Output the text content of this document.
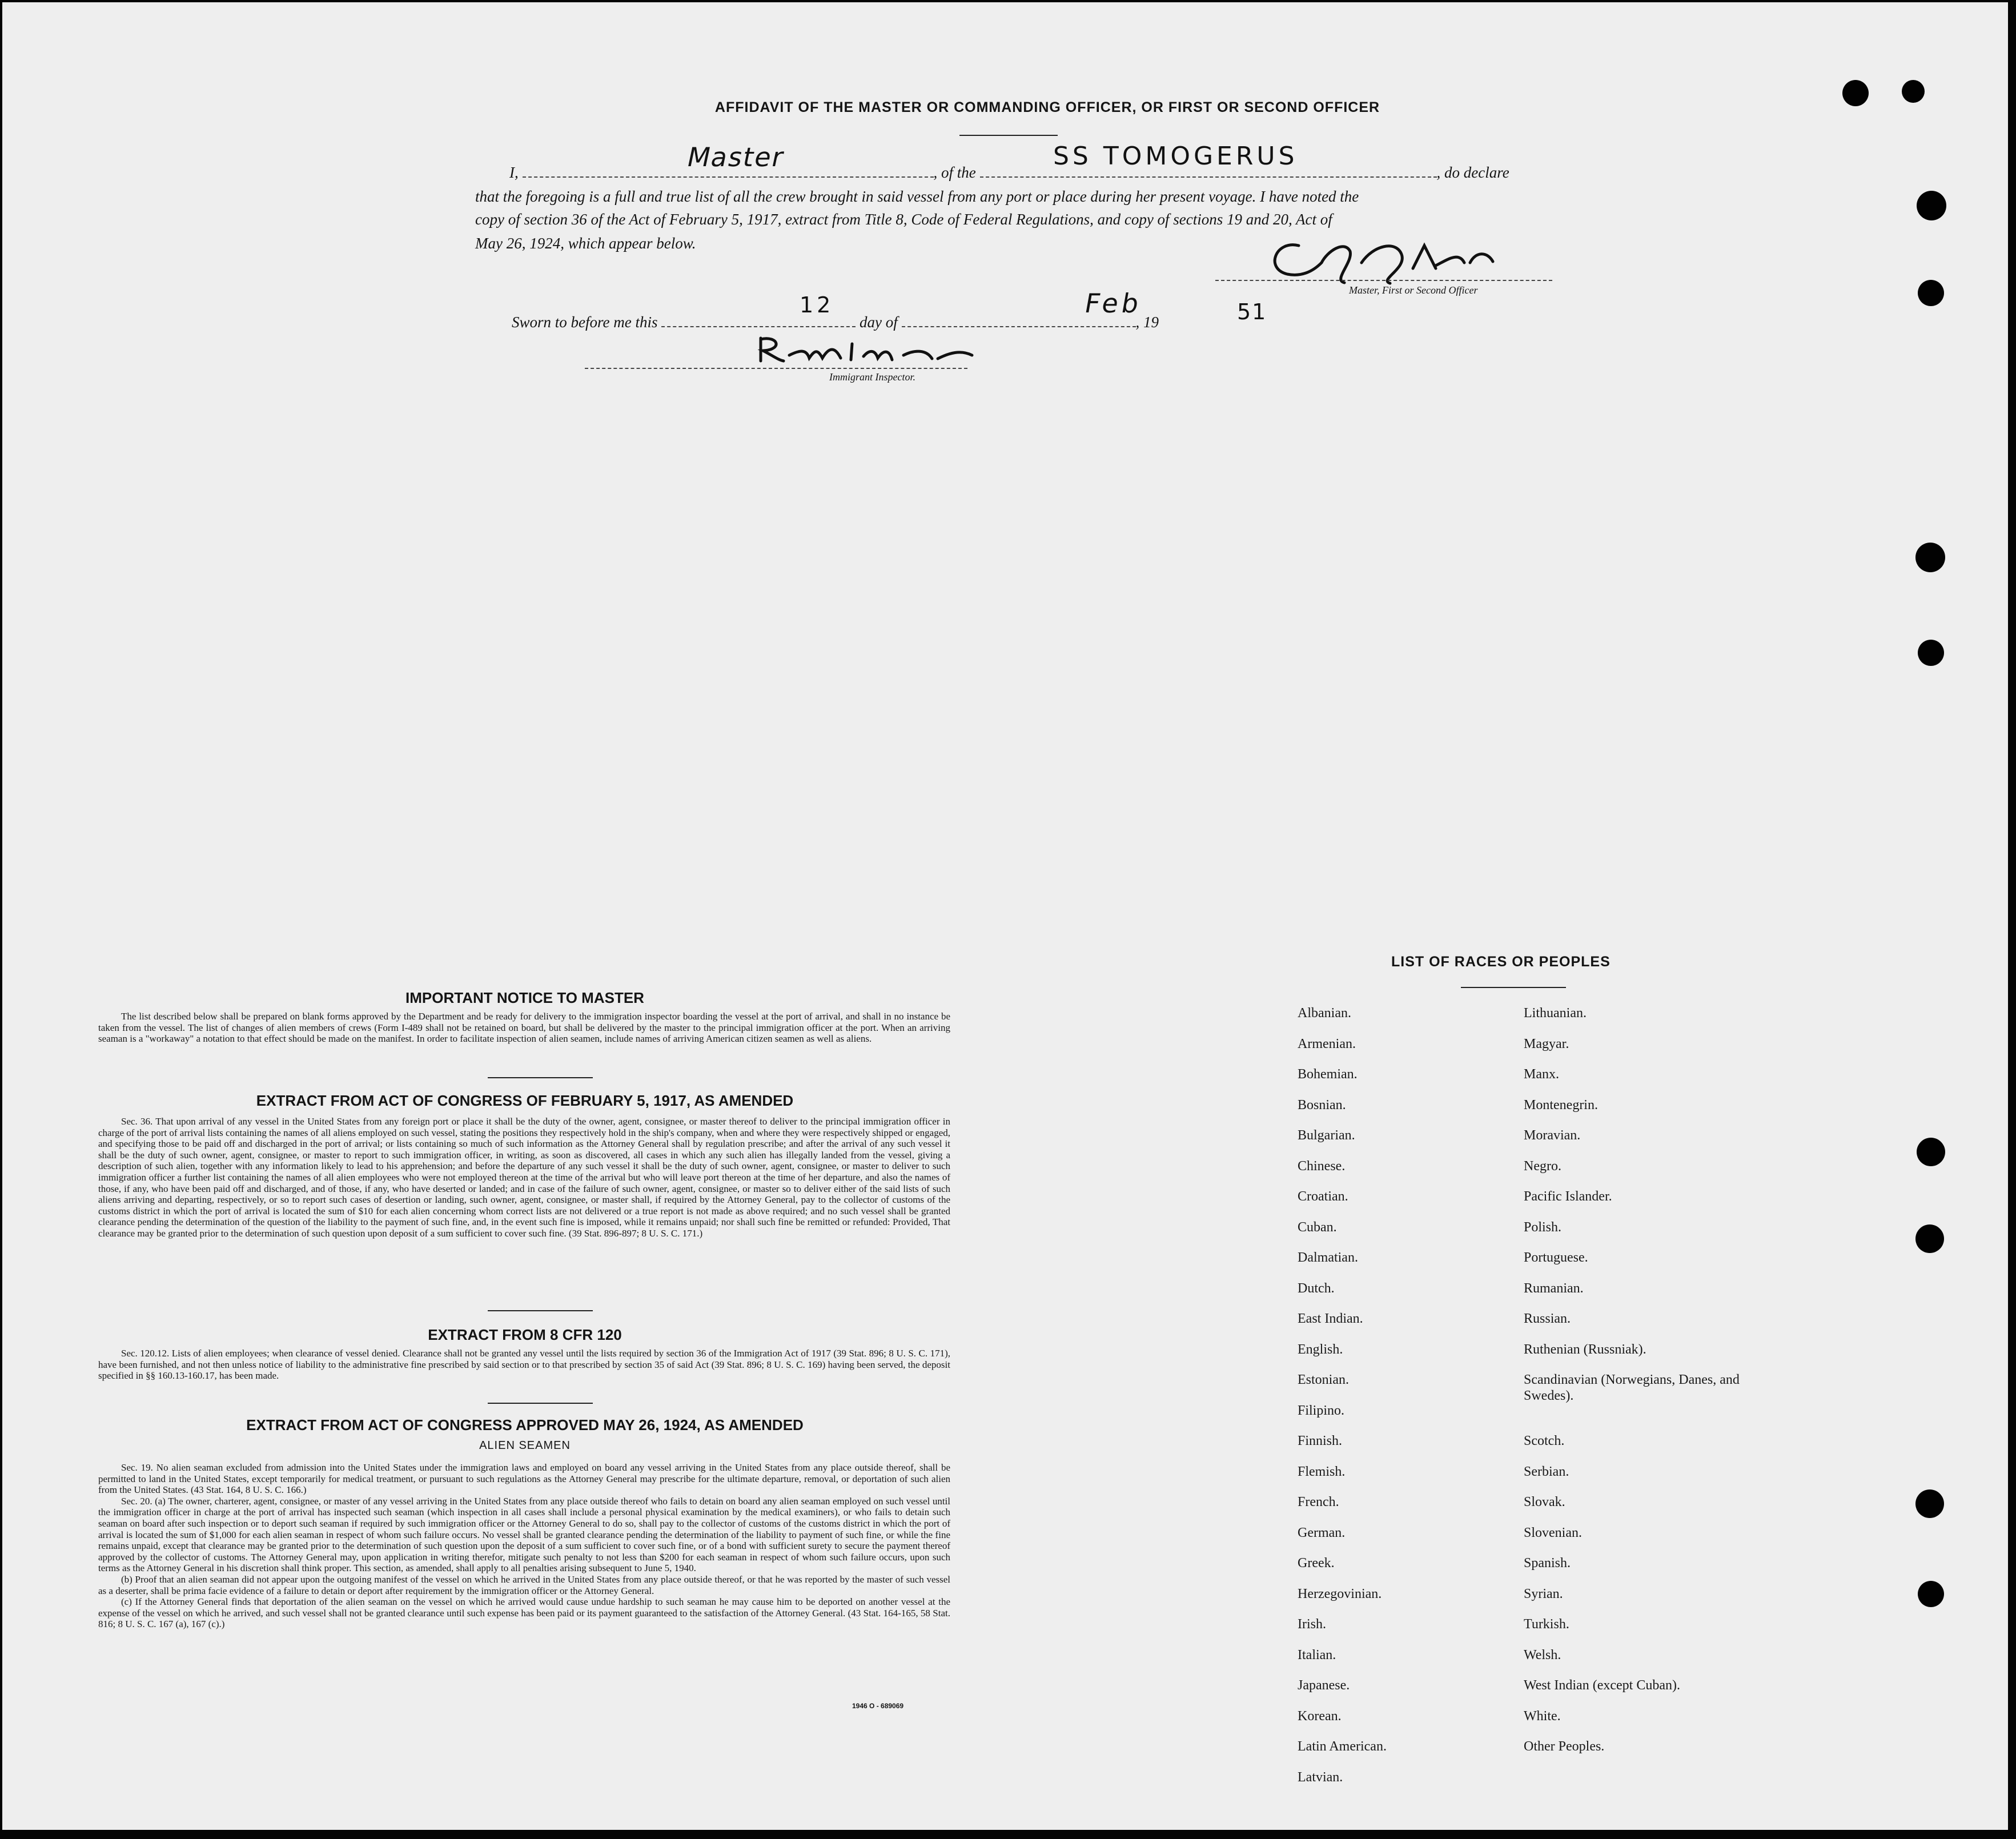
AFFIDAVIT OF THE MASTER OR COMMANDING OFFICER, OR FIRST OR SECOND OFFICER
I,	, of the	, do declare
Master	SS TOMOGERUS
that the foregoing is a full and true list of all the crew brought in said vessel from any port or place during her present voyage. I have noted the
copy of section 36 of the Act of February 5, 1917, extract from Title 8, Code of Federal Regulations, and copy of sections 19 and 20, Act of
May 26, 1924, which appear below.
Master, First or Second Officer
Sworn to before me this	day of	, 19
12	Feb	51
Immigrant Inspector.
IMPORTANT NOTICE TO MASTER

The list described below shall be prepared on blank forms approved by the Department and be ready for delivery to the immigration inspector boarding the vessel at the port of arrival, and shall in no instance be taken from the vessel. The list of changes of alien members of crews (Form I-489 shall not be retained on board, but shall be delivered by the master to the principal immigration officer at the port. When an arriving seaman is a "workaway" a notation to that effect should be made on the manifest. In order to facilitate inspection of alien seamen, include names of arriving American citizen seamen as well as aliens.

EXTRACT FROM ACT OF CONGRESS OF FEBRUARY 5, 1917, AS AMENDED

Sec. 36. That upon arrival of any vessel in the United States from any foreign port or place it shall be the duty of the owner, agent, consignee, or master thereof to deliver to the principal immigration officer in charge of the port of arrival lists containing the names of all aliens employed on such vessel, stating the positions they respectively hold in the ship's company, when and where they were respectively shipped or engaged, and specifying those to be paid off and discharged in the port of arrival; or lists containing so much of such information as the Attorney General shall by regulation prescribe; and after the arrival of any such vessel it shall be the duty of such owner, agent, consignee, or master to report to such immigration officer, in writing, as soon as discovered, all cases in which any such alien has illegally landed from the vessel, giving a description of such alien, together with any information likely to lead to his apprehension; and before the departure of any such vessel it shall be the duty of such owner, agent, consignee, or master to deliver to such immigration officer a further list containing the names of all alien employees who were not employed thereon at the time of the arrival but who will leave port thereon at the time of her departure, and also the names of those, if any, who have been paid off and discharged, and of those, if any, who have deserted or landed; and in case of the failure of such owner, agent, consignee, or master so to deliver either of the said lists of such aliens arriving and departing, respectively, or so to report such cases of desertion or landing, such owner, agent, consignee, or master shall, if required by the Attorney General, pay to the collector of customs of the customs district in which the port of arrival is located the sum of $10 for each alien concerning whom correct lists are not delivered or a true report is not made as above required; and no such vessel shall be granted clearance pending the determination of the question of the liability to the payment of such fine, and, in the event such fine is imposed, while it remains unpaid; nor shall such fine be remitted or refunded: Provided, That clearance may be granted prior to the determination of such question upon deposit of a sum sufficient to cover such fine. (39 Stat. 896-897; 8 U. S. C. 171.)

EXTRACT FROM 8 CFR 120

Sec. 120.12. Lists of alien employees; when clearance of vessel denied. Clearance shall not be granted any vessel until the lists required by section 36 of the Immigration Act of 1917 (39 Stat. 896; 8 U. S. C. 171), have been furnished, and not then unless notice of liability to the administrative fine prescribed by said section or to that prescribed by section 35 of said Act (39 Stat. 896; 8 U. S. C. 169) having been served, the deposit specified in §§ 160.13-160.17, has been made.

EXTRACT FROM ACT OF CONGRESS APPROVED MAY 26, 1924, AS AMENDED
ALIEN SEAMEN

Sec. 19. No alien seaman excluded from admission into the United States under the immigration laws and employed on board any vessel arriving in the United States from any place outside thereof, shall be permitted to land in the United States, except temporarily for medical treatment, or pursuant to such regulations as the Attorney General may prescribe for the ultimate departure, removal, or deportation of such alien from the United States. (43 Stat. 164, 8 U. S. C. 166.)

Sec. 20. (a) The owner, charterer, agent, consignee, or master of any vessel arriving in the United States from any place outside thereof who fails to detain on board any alien seaman employed on such vessel until the immigration officer in charge at the port of arrival has inspected such seaman (which inspection in all cases shall include a personal physical examination by the medical examiners), or who fails to detain such seaman on board after such inspection or to deport such seaman if required by such immigration officer or the Attorney General to do so, shall pay to the collector of customs of the customs district in which the port of arrival is located the sum of $1,000 for each alien seaman in respect of whom such failure occurs. No vessel shall be granted clearance pending the determination of the liability to payment of such fine, or while the fine remains unpaid, except that clearance may be granted prior to the determination of such question upon the deposit of a sum sufficient to cover such fine, or of a bond with sufficient surety to secure the payment thereof approved by the collector of customs. The Attorney General may, upon application in writing therefor, mitigate such penalty to not less than $200 for each seaman in respect of whom such failure occurs, upon such terms as the Attorney General in his discretion shall think proper. This section, as amended, shall apply to all penalties arising subsequent to June 5, 1940.

(b) Proof that an alien seaman did not appear upon the outgoing manifest of the vessel on which he arrived in the United States from any place outside thereof, or that he was reported by the master of such vessel as a deserter, shall be prima facie evidence of a failure to detain or deport after requirement by the immigration officer or the Attorney General.

(c) If the Attorney General finds that deportation of the alien seaman on the vessel on which he arrived would cause undue hardship to such seaman he may cause him to be deported on another vessel at the expense of the vessel on which he arrived, and such vessel shall not be granted clearance until such expense has been paid or its payment guaranteed to the satisfaction of the Attorney General. (43 Stat. 164-165, 58 Stat. 816; 8 U. S. C. 167 (a), 167 (c).)

1946 O - 689069
LIST OF RACES OR PEOPLES
Albanian.
Armenian.
Bohemian.
Bosnian.
Bulgarian.
Chinese.
Croatian.
Cuban.
Dalmatian.
Dutch.
East Indian.
English.
Estonian.
Filipino.
Finnish.
Flemish.
French.
German.
Greek.
Herzegovinian.
Irish.
Italian.
Japanese.
Korean.
Latin American.
Latvian.
Lithuanian.
Magyar.
Manx.
Montenegrin.
Moravian.
Negro.
Pacific Islander.
Polish.
Portuguese.
Rumanian.
Russian.
Ruthenian (Russniak).
Scandinavian (Norwegians, Danes, and Swedes).
Scotch.
Serbian.
Slovak.
Slovenian.
Spanish.
Syrian.
Turkish.
Welsh.
West Indian (except Cuban).
White.
Other Peoples.
